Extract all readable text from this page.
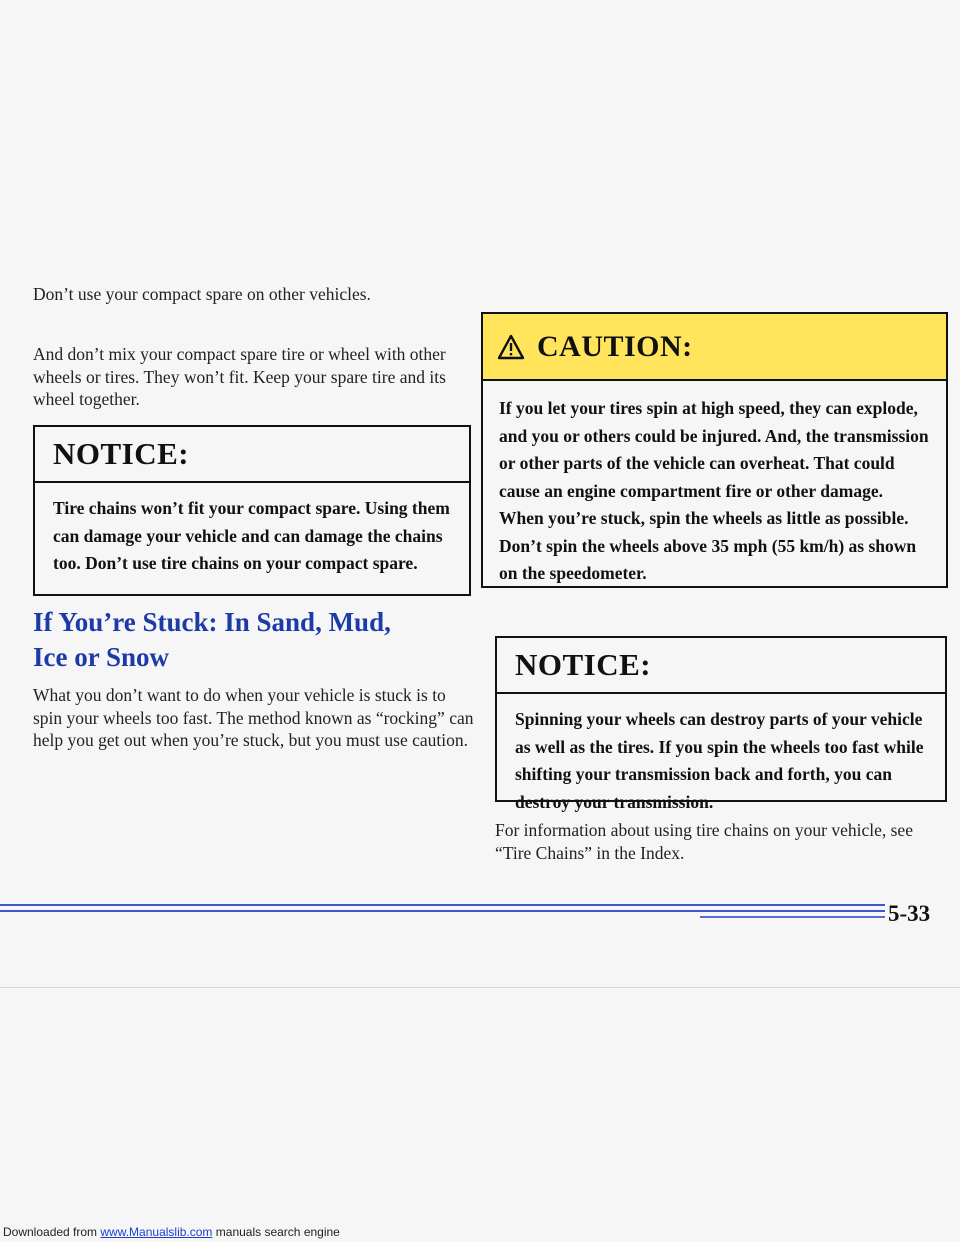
Don’t use your compact spare on other vehicles.

And don’t mix your compact spare tire or wheel with other wheels or tires. They won’t fit. Keep your spare tire and its wheel together.

NOTICE:
Tire chains won’t fit your compact spare. Using them can damage your vehicle and can damage the chains too. Don’t use tire chains on your compact spare.

If You’re Stuck: In Sand, Mud,

Ice or Snow

What you don’t want to do when your vehicle is stuck is to spin your wheels too fast. The method known as “rocking” can help you get out when you’re stuck, but you must use caution.

CAUTION:
If you let your tires spin at high speed, they can explode, and you or others could be injured. And, the transmission or other parts of the vehicle can overheat. That could cause an engine compartment fire or other damage. When you’re stuck, spin the wheels as little as possible. Don’t spin the wheels above 35 mph (55 km/h) as shown on the speedometer.
NOTICE:
Spinning your wheels can destroy parts of your vehicle as well as the tires. If you spin the wheels too fast while shifting your transmission back and forth, you can destroy your transmission.

For information about using tire chains on your vehicle, see “Tire Chains” in the Index.

5-33
Downloaded from www.Manualslib.com manuals search engine
